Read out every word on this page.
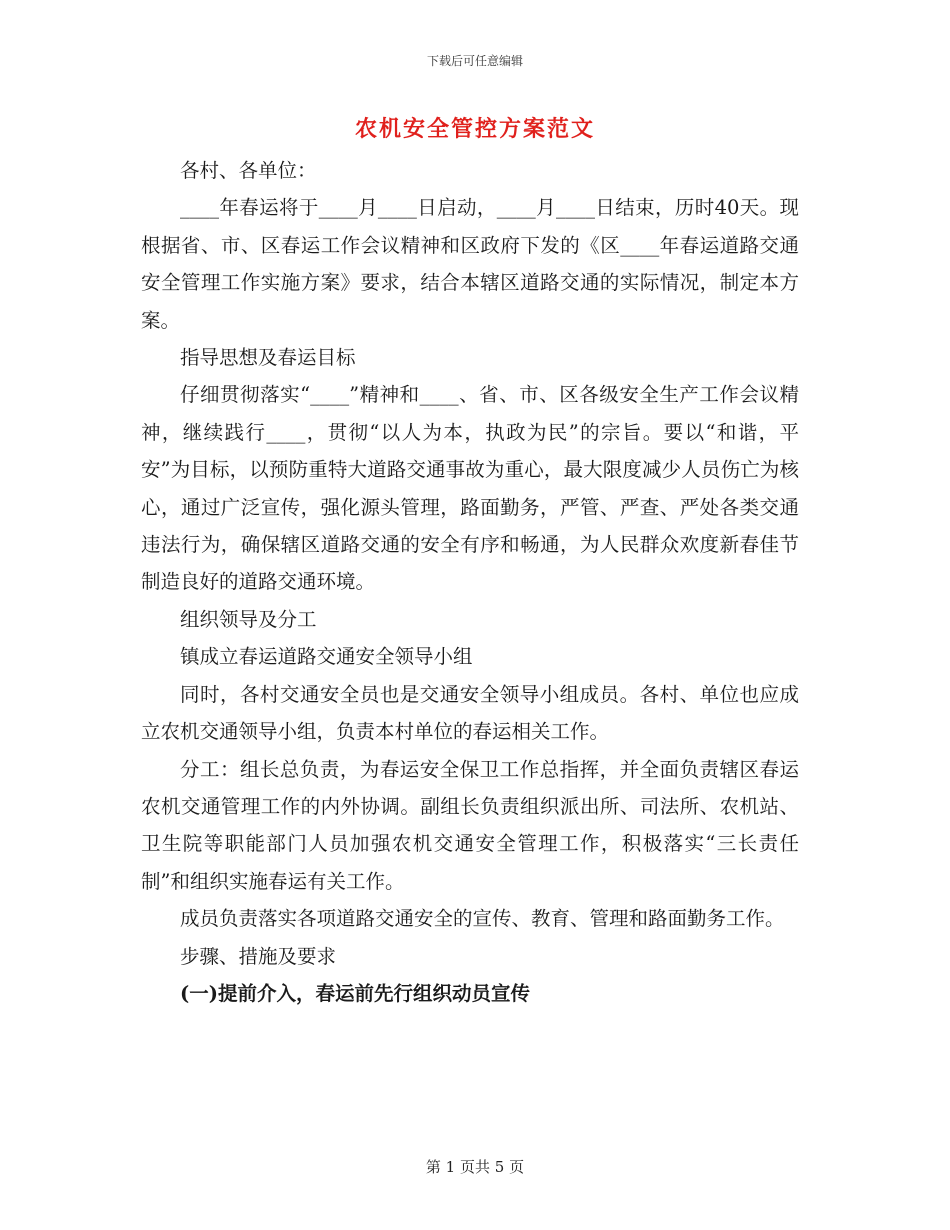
下载后可任意编辑
农机安全管控方案范文

各村、各单位：

____年春运将于____月____日启动，____月____日结束，历时40天。现根据省、市、区春运工作会议精神和区政府下发的《区____年春运道路交通安全管理工作实施方案》要求，结合本辖区道路交通的实际情况，制定本方案。

指导思想及春运目标

仔细贯彻落实“____”精神和____、省、市、区各级安全生产工作会议精神，继续践行____，贯彻“以人为本，执政为民”的宗旨。要以“和谐，平安”为目标，以预防重特大道路交通事故为重心，最大限度减少人员伤亡为核心，通过广泛宣传，强化源头管理，路面勤务，严管、严查、严处各类交通违法行为，确保辖区道路交通的安全有序和畅通，为人民群众欢度新春佳节制造良好的道路交通环境。

组织领导及分工

镇成立春运道路交通安全领导小组

同时，各村交通安全员也是交通安全领导小组成员。各村、单位也应成立农机交通领导小组，负责本村单位的春运相关工作。

分工：组长总负责，为春运安全保卫工作总指挥，并全面负责辖区春运农机交通管理工作的内外协调。副组长负责组织派出所、司法所、农机站、卫生院等职能部门人员加强农机交通安全管理工作，积极落实“三长责任制”和组织实施春运有关工作。

成员负责落实各项道路交通安全的宣传、教育、管理和路面勤务工作。

步骤、措施及要求

(一)提前介入，春运前先行组织动员宣传

第 1 页共 5 页
